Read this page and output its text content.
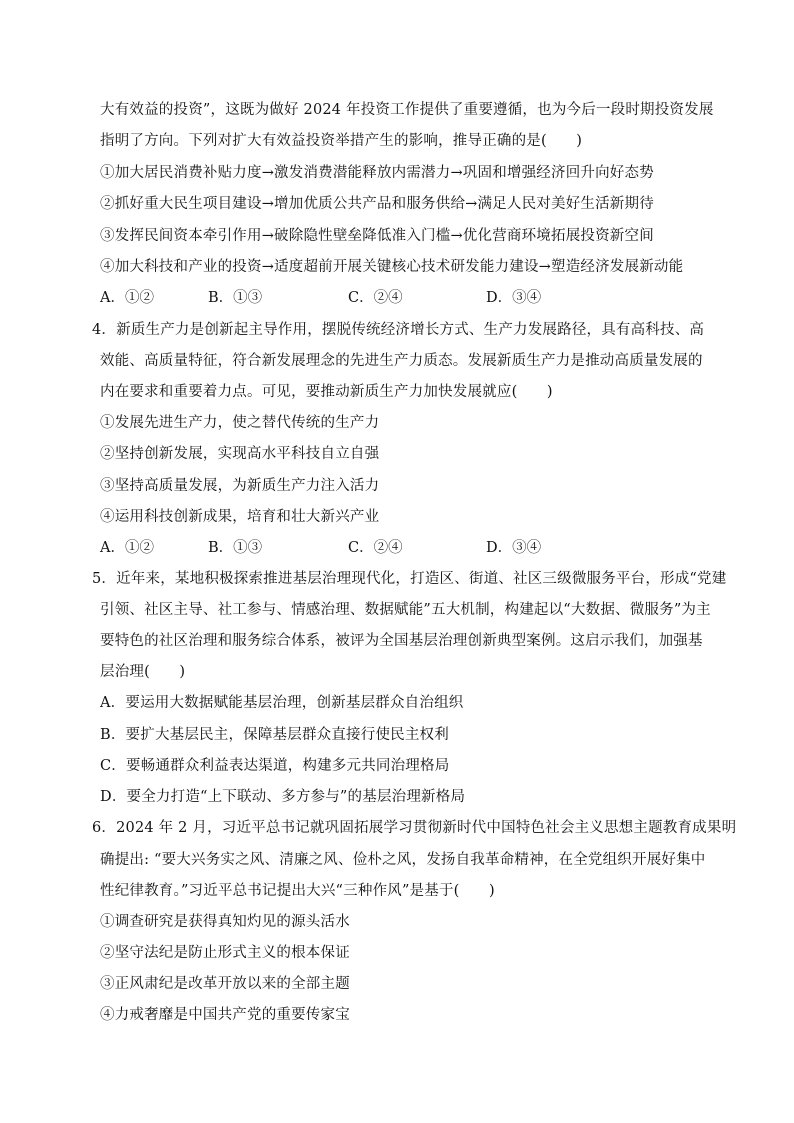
大有效益的投资”，这既为做好 2024 年投资工作提供了重要遵循，也为今后一段时期投资发展
指明了方向。下列对扩大有效益投资举措产生的影响，推导正确的是(　　)
①加大居民消费补贴力度→激发消费潜能释放内需潜力→巩固和增强经济回升向好态势
②抓好重大民生项目建设→增加优质公共产品和服务供给→满足人民对美好生活新期待
③发挥民间资本牵引作用→破除隐性壁垒降低准入门槛→优化营商环境拓展投资新空间
④加大科技和产业的投资→适度超前开展关键核心技术研发能力建设→塑造经济发展新动能
A．①②	B．①③	C．②④	D．③④
4．新质生产力是创新起主导作用，摆脱传统经济增长方式、生产力发展路径，具有高科技、高
效能、高质量特征，符合新发展理念的先进生产力质态。发展新质生产力是推动高质量发展的
内在要求和重要着力点。可见，要推动新质生产力加快发展就应(　　)
①发展先进生产力，使之替代传统的生产力
②坚持创新发展，实现高水平科技自立自强
③坚持高质量发展，为新质生产力注入活力
④运用科技创新成果，培育和壮大新兴产业
A．①②	B．①③	C．②④	D．③④
5．近年来，某地积极探索推进基层治理现代化，打造区、街道、社区三级微服务平台，形成“党建
引领、社区主导、社工参与、情感治理、数据赋能”五大机制，构建起以“大数据、微服务”为主
要特色的社区治理和服务综合体系，被评为全国基层治理创新典型案例。这启示我们，加强基
层治理(　　)
A．要运用大数据赋能基层治理，创新基层群众自治组织
B．要扩大基层民主，保障基层群众直接行使民主权利
C．要畅通群众利益表达渠道，构建多元共同治理格局
D．要全力打造“上下联动、多方参与”的基层治理新格局
6．2024 年 2 月，习近平总书记就巩固拓展学习贯彻新时代中国特色社会主义思想主题教育成果明
确提出: “要大兴务实之风、清廉之风、俭朴之风，发扬自我革命精神，在全党组织开展好集中
性纪律教育。”习近平总书记提出大兴“三种作风”是基于(　　)
①调查研究是获得真知灼见的源头活水
②坚守法纪是防止形式主义的根本保证
③正风肃纪是改革开放以来的全部主题
④力戒奢靡是中国共产党的重要传家宝
